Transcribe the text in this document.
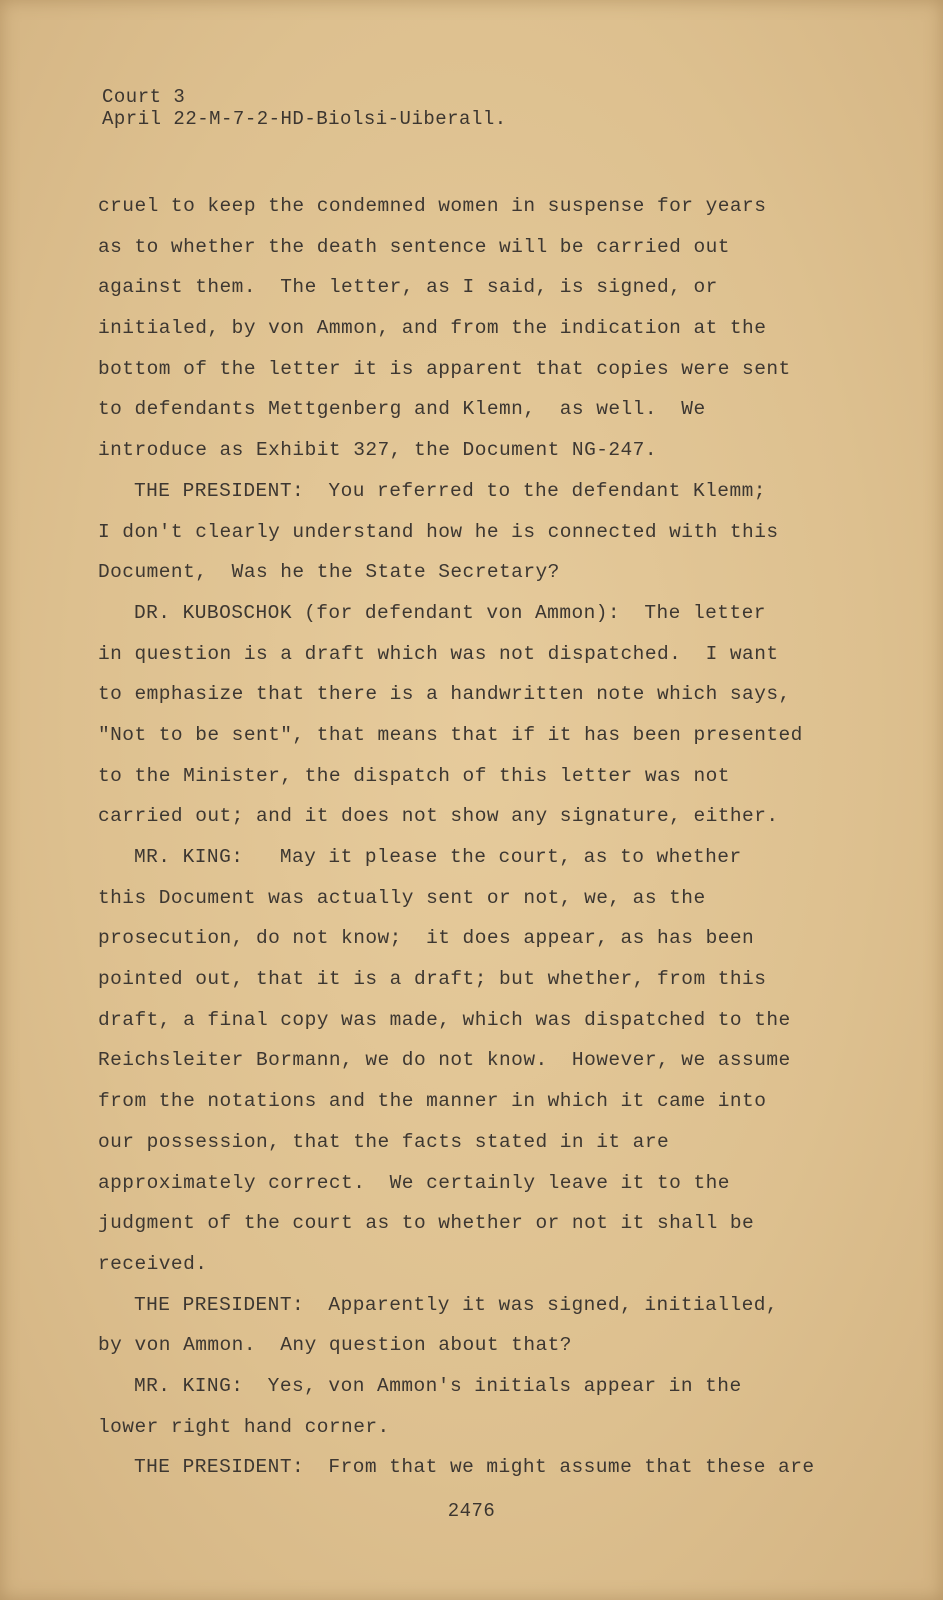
Court 3
April 22-M-7-2-HD-Biolsi-Uiberall.
cruel to keep the condemned women in suspense for years
as to whether the death sentence will be carried out
against them.  The letter, as I said, is signed, or
initialed, by von Ammon, and from the indication at the
bottom of the letter it is apparent that copies were sent
to defendants Mettgenberg and Klemn,  as well.  We
introduce as Exhibit 327, the Document NG-247.
THE PRESIDENT:  You referred to the defendant Klemm;
I don't clearly understand how he is connected with this
Document,  Was he the State Secretary?
DR. KUBOSCHOK (for defendant von Ammon):  The letter
in question is a draft which was not dispatched.  I want
to emphasize that there is a handwritten note which says,
"Not to be sent", that means that if it has been presented
to the Minister, the dispatch of this letter was not
carried out; and it does not show any signature, either.
MR. KING:   May it please the court, as to whether
this Document was actually sent or not, we, as the
prosecution, do not know;  it does appear, as has been
pointed out, that it is a draft; but whether, from this
draft, a final copy was made, which was dispatched to the
Reichsleiter Bormann, we do not know.  However, we assume
from the notations and the manner in which it came into
our possession, that the facts stated in it are
approximately correct.  We certainly leave it to the
judgment of the court as to whether or not it shall be
received.
THE PRESIDENT:  Apparently it was signed, initialled,
by von Ammon.  Any question about that?
MR. KING:  Yes, von Ammon's initials appear in the
lower right hand corner.
THE PRESIDENT:  From that we might assume that these are
2476
